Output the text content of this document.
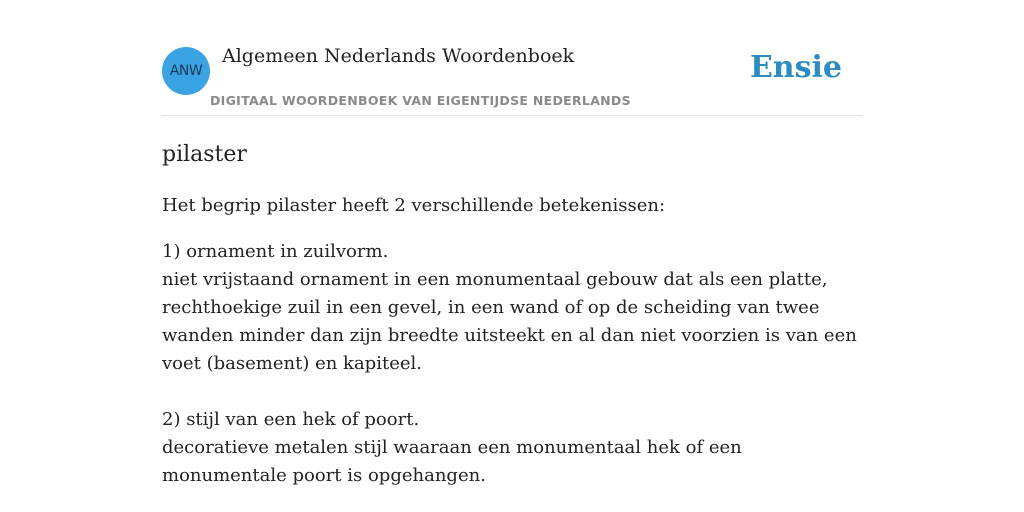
ANW
Algemeen Nederlands Woordenboek
DIGITAAL WOORDENBOEK VAN EIGENTIJDSE NEDERLANDS
Ensie
pilaster

Het begrip pilaster heeft 2 verschillende betekenissen:

1) ornament in zuilvorm.
niet vrijstaand ornament in een monumentaal gebouw dat als een platte, rechthoekige zuil in een gevel, in een wand of op de scheiding van twee wanden minder dan zijn breedte uitsteekt en al dan niet voorzien is van een voet (basement) en kapiteel.

2) stijl van een hek of poort.
decoratieve metalen stijl waaraan een monumentaal hek of een monumentale poort is opgehangen.
